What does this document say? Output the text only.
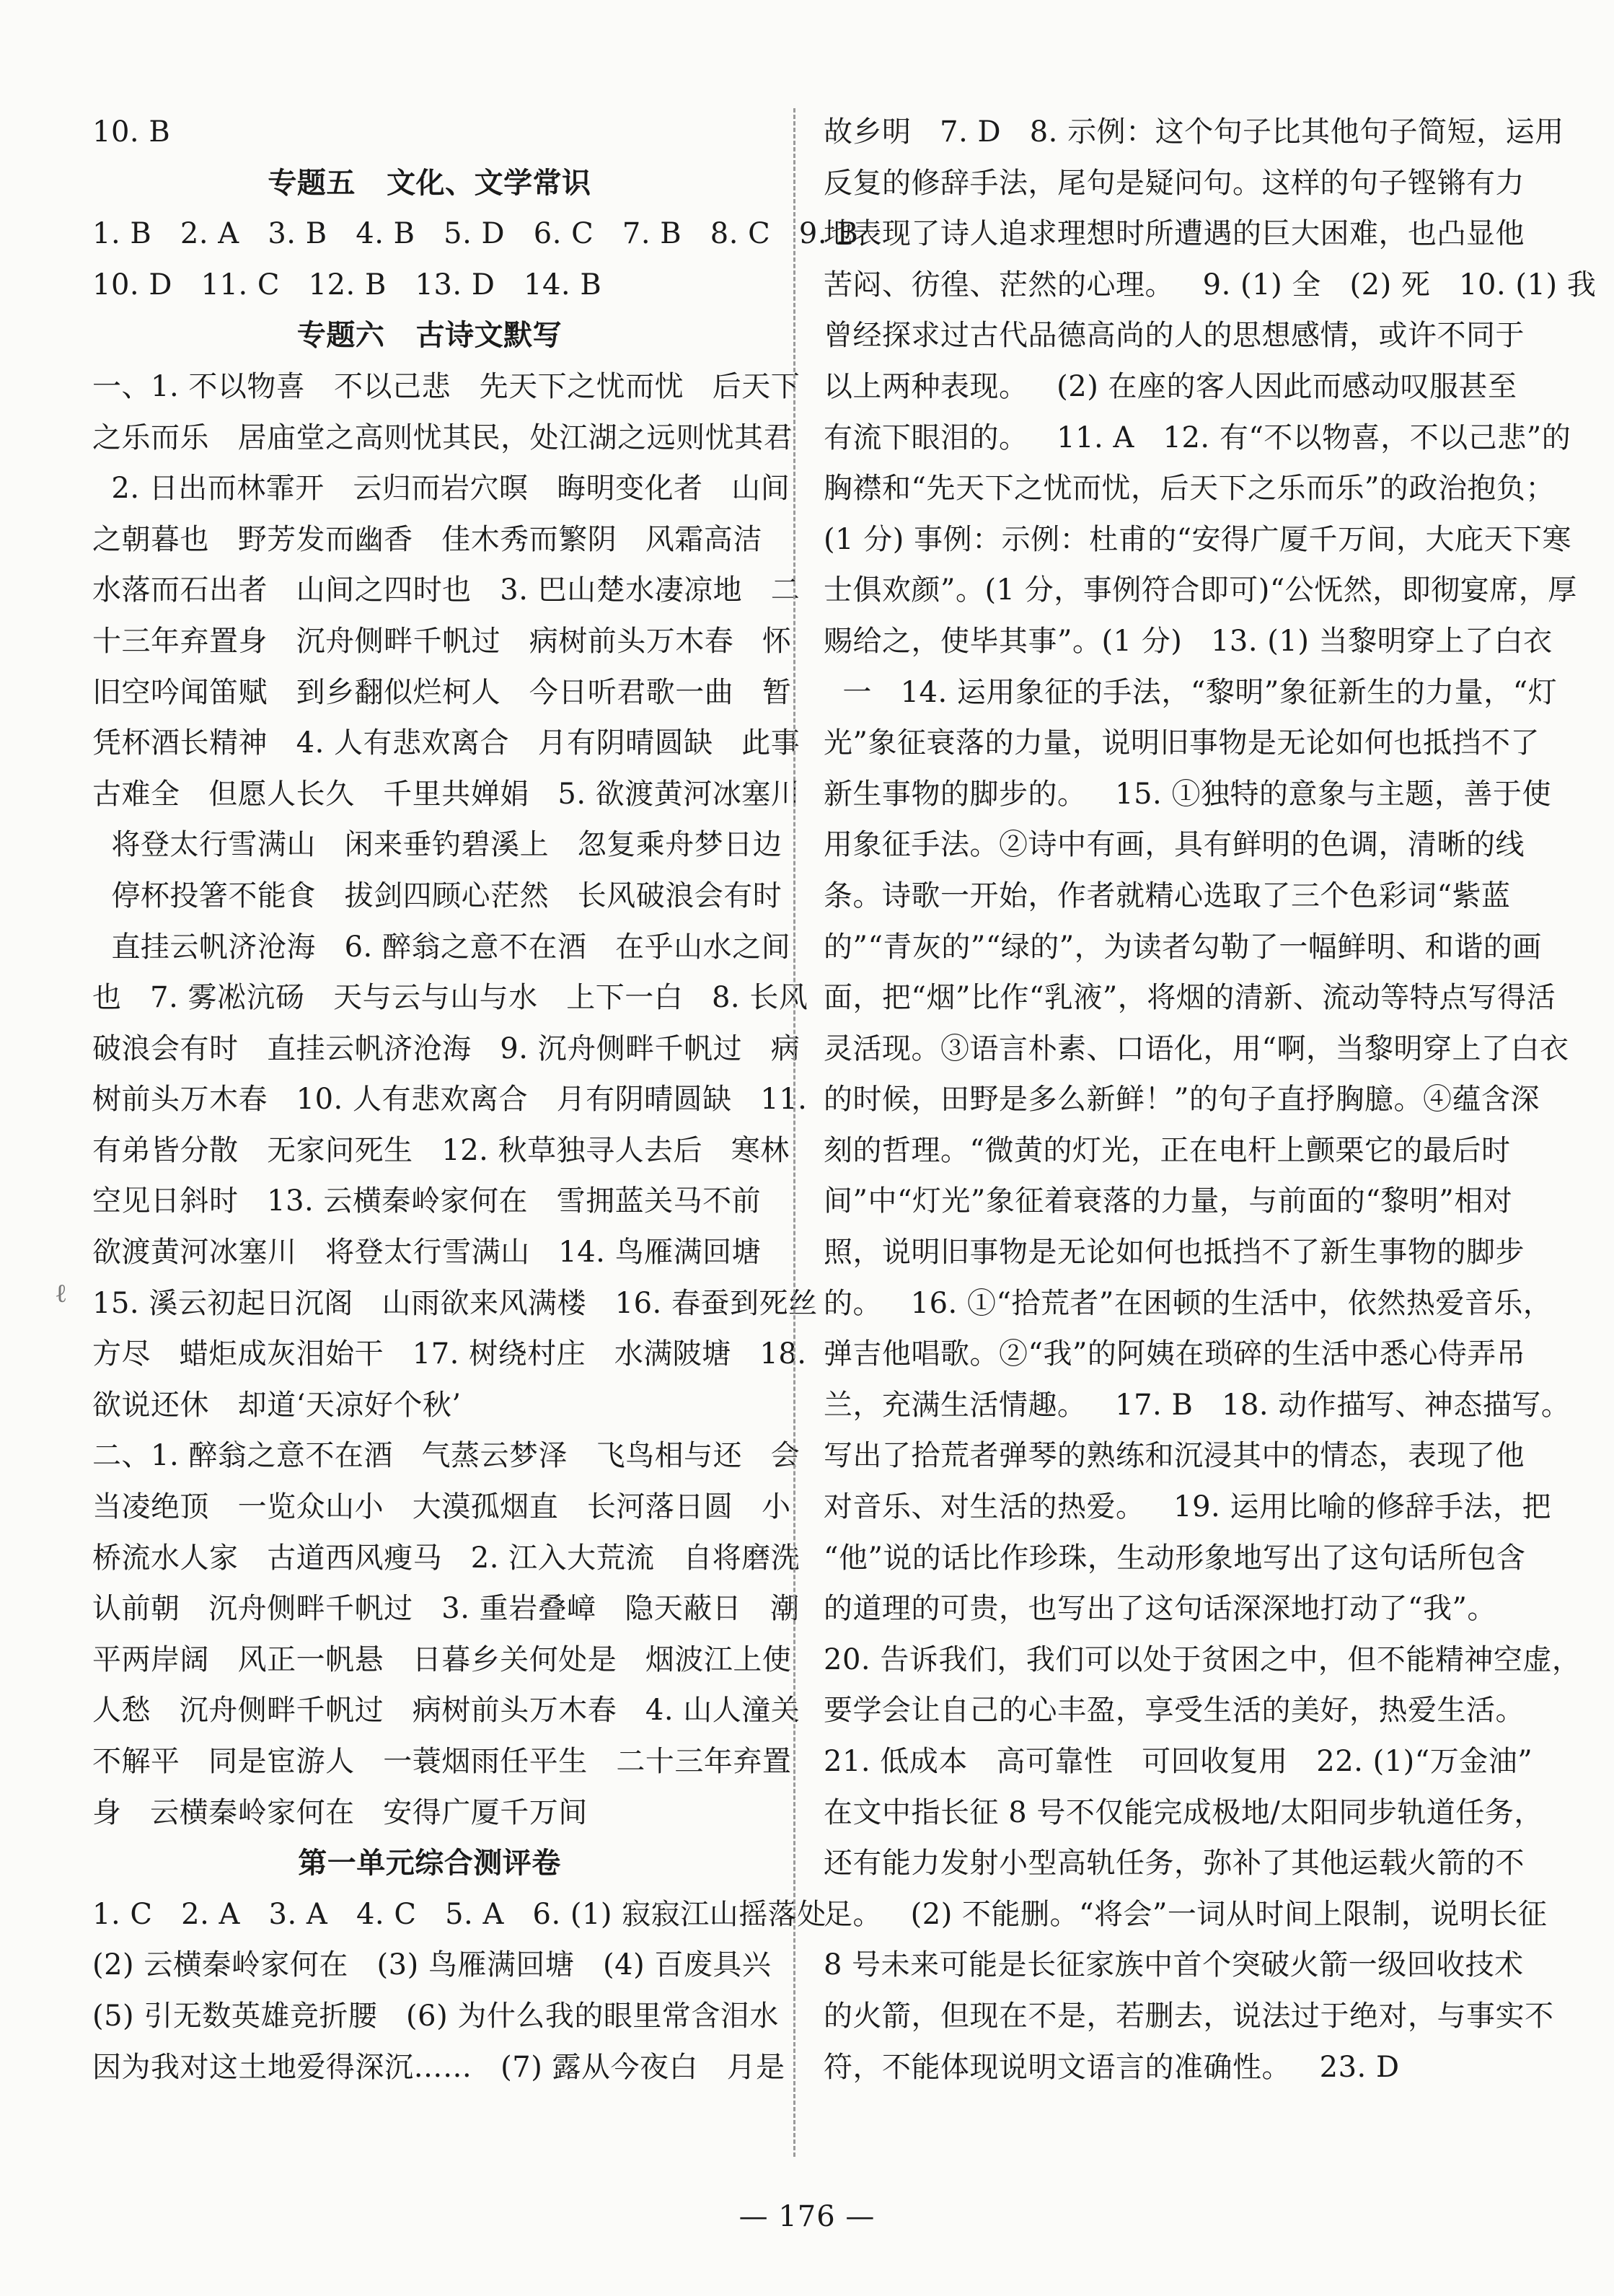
10. B
专题五   文化、文学常识
1. B   2. A   3. B   4. B   5. D   6. C   7. B   8. C   9. B
10. D   11. C   12. B   13. D   14. B
专题六   古诗文默写
一、1. 不以物喜   不以己悲   先天下之忧而忧   后天下
之乐而乐   居庙堂之高则忧其民，处江湖之远则忧其君
2. 日出而林霏开   云归而岩穴暝   晦明变化者   山间
之朝暮也   野芳发而幽香   佳木秀而繁阴   风霜高洁
水落而石出者   山间之四时也   3. 巴山楚水凄凉地   二
十三年弃置身   沉舟侧畔千帆过   病树前头万木春   怀
旧空吟闻笛赋   到乡翻似烂柯人   今日听君歌一曲   暂
凭杯酒长精神   4. 人有悲欢离合   月有阴晴圆缺   此事
古难全   但愿人长久   千里共婵娟   5. 欲渡黄河冰塞川
将登太行雪满山   闲来垂钓碧溪上   忽复乘舟梦日边
停杯投箸不能食   拔剑四顾心茫然   长风破浪会有时
直挂云帆济沧海   6. 醉翁之意不在酒   在乎山水之间
也   7. 雾凇沆砀   天与云与山与水   上下一白   8. 长风
破浪会有时   直挂云帆济沧海   9. 沉舟侧畔千帆过   病
树前头万木春   10. 人有悲欢离合   月有阴晴圆缺   11.
有弟皆分散   无家问死生   12. 秋草独寻人去后   寒林
空见日斜时   13. 云横秦岭家何在   雪拥蓝关马不前
欲渡黄河冰塞川   将登太行雪满山   14. 鸟雁满回塘
15. 溪云初起日沉阁   山雨欲来风满楼   16. 春蚕到死丝
方尽   蜡炬成灰泪始干   17. 树绕村庄   水满陂塘   18.
欲说还休   却道‘天凉好个秋’
二、1. 醉翁之意不在酒   气蒸云梦泽   飞鸟相与还   会
当凌绝顶   一览众山小   大漠孤烟直   长河落日圆   小
桥流水人家   古道西风瘦马   2. 江入大荒流   自将磨洗
认前朝   沉舟侧畔千帆过   3. 重岩叠嶂   隐天蔽日   潮
平两岸阔   风正一帆悬   日暮乡关何处是   烟波江上使
人愁   沉舟侧畔千帆过   病树前头万木春   4. 山人潼关
不解平   同是宦游人   一蓑烟雨任平生   二十三年弃置
身   云横秦岭家何在   安得广厦千万间
第一单元综合测评卷
1. C   2. A   3. A   4. C   5. A   6. (1) 寂寂江山摇落处
(2) 云横秦岭家何在   (3) 鸟雁满回塘   (4) 百废具兴
(5) 引无数英雄竞折腰   (6) 为什么我的眼里常含泪水
因为我对这土地爱得深沉……   (7) 露从今夜白   月是
故乡明   7. D   8. 示例：这个句子比其他句子简短，运用
反复的修辞手法，尾句是疑问句。这样的句子铿锵有力
地表现了诗人追求理想时所遭遇的巨大困难，也凸显他
苦闷、彷徨、茫然的心理。   9. (1) 全   (2) 死   10. (1) 我
曾经探求过古代品德高尚的人的思想感情，或许不同于
以上两种表现。   (2) 在座的客人因此而感动叹服甚至
有流下眼泪的。   11. A   12. 有“不以物喜，不以己悲”的
胸襟和“先天下之忧而忧，后天下之乐而乐”的政治抱负；
(1 分) 事例：示例：杜甫的“安得广厦千万间，大庇天下寒
士俱欢颜”。(1 分，事例符合即可)“公怃然，即彻宴席，厚
赐给之，使毕其事”。(1 分)   13. (1) 当黎明穿上了白衣
一   14. 运用象征的手法，“黎明”象征新生的力量，“灯
光”象征衰落的力量，说明旧事物是无论如何也抵挡不了
新生事物的脚步的。   15. ①独特的意象与主题，善于使
用象征手法。②诗中有画，具有鲜明的色调，清晰的线
条。诗歌一开始，作者就精心选取了三个色彩词“紫蓝
的”“青灰的”“绿的”，为读者勾勒了一幅鲜明、和谐的画
面，把“烟”比作“乳液”，将烟的清新、流动等特点写得活
灵活现。③语言朴素、口语化，用“啊，当黎明穿上了白衣
的时候，田野是多么新鲜！”的句子直抒胸臆。④蕴含深
刻的哲理。“微黄的灯光，正在电杆上颤栗它的最后时
间”中“灯光”象征着衰落的力量，与前面的“黎明”相对
照，说明旧事物是无论如何也抵挡不了新生事物的脚步
的。   16. ①“拾荒者”在困顿的生活中，依然热爱音乐，
弹吉他唱歌。②“我”的阿姨在琐碎的生活中悉心侍弄吊
兰，充满生活情趣。   17. B   18. 动作描写、神态描写。
写出了拾荒者弹琴的熟练和沉浸其中的情态，表现了他
对音乐、对生活的热爱。   19. 运用比喻的修辞手法，把
“他”说的话比作珍珠，生动形象地写出了这句话所包含
的道理的可贵，也写出了这句话深深地打动了“我”。
20. 告诉我们，我们可以处于贫困之中，但不能精神空虚，
要学会让自己的心丰盈，享受生活的美好，热爱生活。
21. 低成本   高可靠性   可回收复用   22. (1)“万金油”
在文中指长征 8 号不仅能完成极地/太阳同步轨道任务，
还有能力发射小型高轨任务，弥补了其他运载火箭的不
足。   (2) 不能删。“将会”一词从时间上限制，说明长征
8 号未来可能是长征家族中首个突破火箭一级回收技术
的火箭，但现在不是，若删去，说法过于绝对，与事实不
符，不能体现说明文语言的准确性。   23. D
ℓ
— 176 —
